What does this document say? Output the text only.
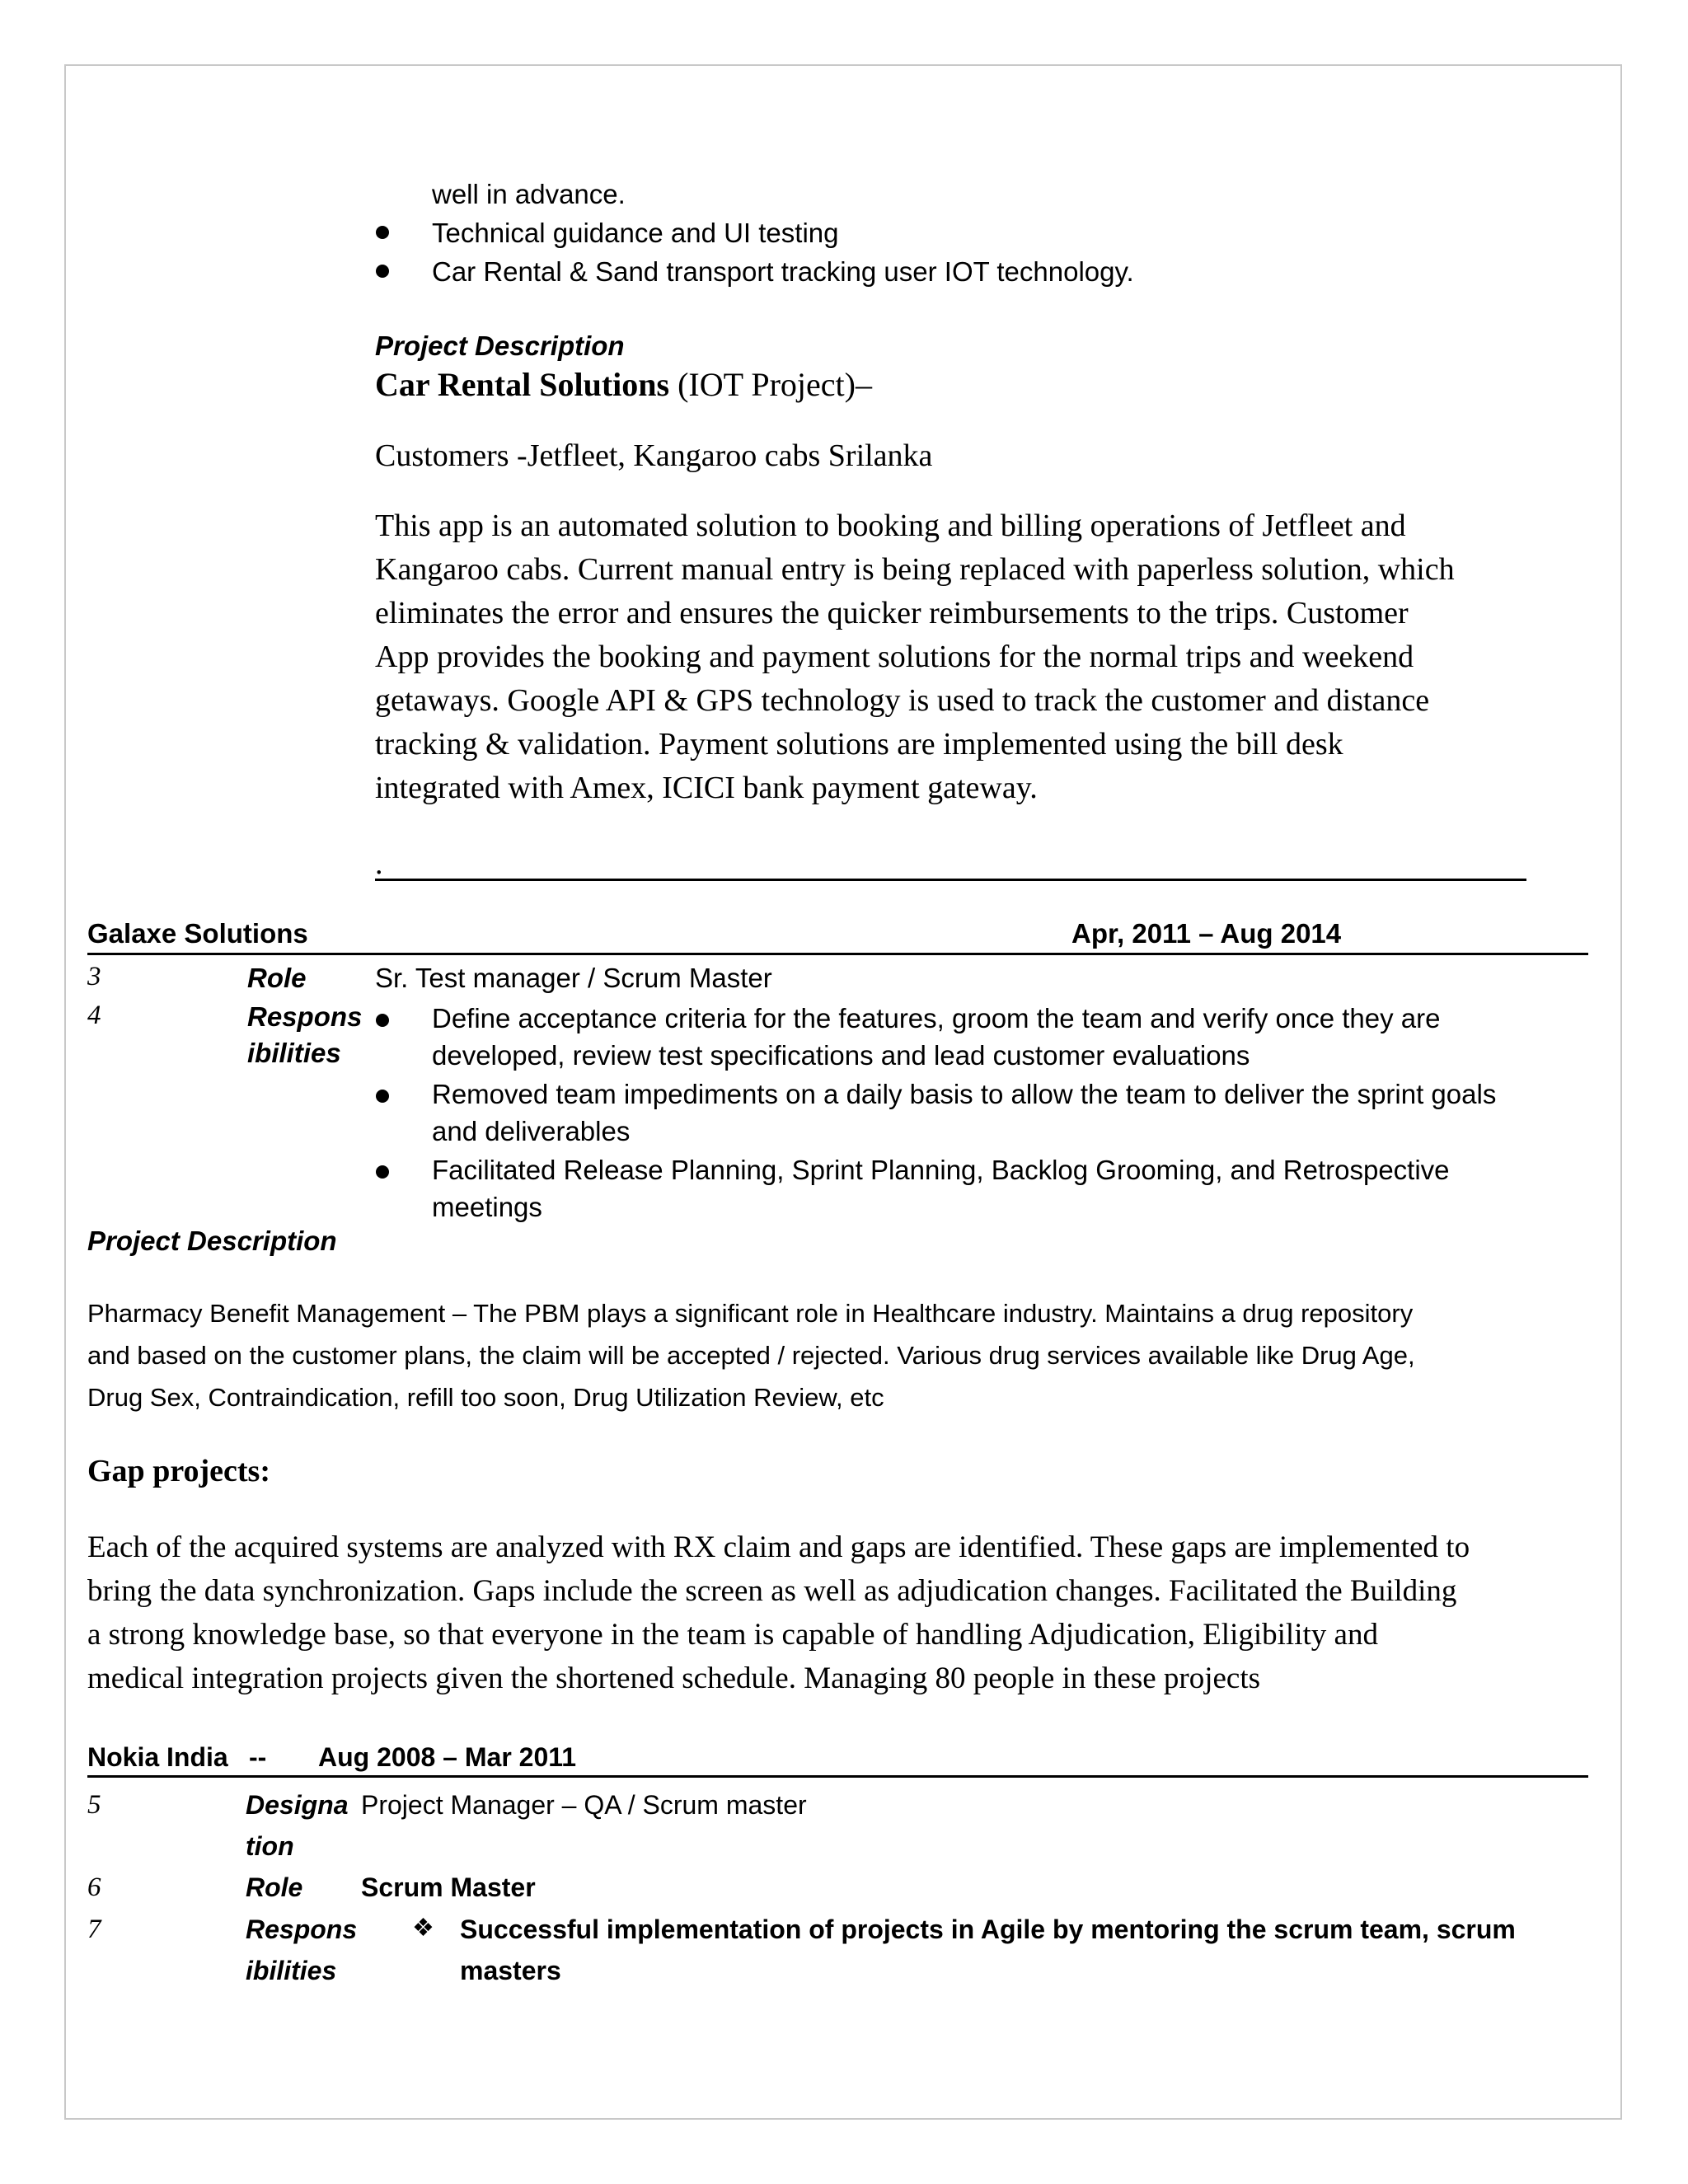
well in advance.
Technical guidance and UI testing
Car Rental & Sand transport tracking user IOT technology.
Project Description
Car Rental Solutions (IOT Project)–
Customers -Jetfleet, Kangaroo cabs Srilanka
This app is an automated solution to booking and billing operations of Jetfleet and
Kangaroo cabs. Current manual entry is being replaced with paperless solution, which
eliminates the error and ensures the quicker reimbursements to the trips. Customer
App provides the booking and payment solutions for the normal trips and weekend
getaways. Google API & GPS technology is used to track the customer and distance
tracking & validation. Payment solutions are implemented using the bill desk
integrated with Amex, ICICI bank payment gateway.
.
Galaxe Solutions	Apr, 2011 – Aug 2014
3	Role	Sr. Test manager / Scrum Master
4	Respons
ibilities
Define acceptance criteria for the features, groom the team and verify once they are
developed, review test specifications and lead customer evaluations
Removed team impediments on a daily basis to allow the team to deliver the sprint goals
and deliverables
Facilitated Release Planning, Sprint Planning, Backlog Grooming, and Retrospective
meetings
Project Description
Pharmacy Benefit Management – The PBM plays a significant role in Healthcare industry. Maintains a drug repository
and based on the customer plans, the claim will be accepted / rejected. Various drug services available like Drug Age,
Drug Sex, Contraindication, refill too soon, Drug Utilization Review, etc
Gap projects:
Each of the acquired systems are analyzed with RX claim and gaps are identified. These gaps are implemented to
bring the data synchronization. Gaps include the screen as well as adjudication changes. Facilitated the Building
a strong knowledge base, so that everyone in the team is capable of handling Adjudication, Eligibility and
medical integration projects given the shortened schedule. Managing 80 people in these projects
Nokia India -- Aug 2008 – Mar 2011
5	Designa
tion
Project Manager – QA / Scrum master
6	Role Scrum Master
7	Respons
ibilities
❖ Successful implementation of projects in Agile by mentoring the scrum team, scrum
masters
